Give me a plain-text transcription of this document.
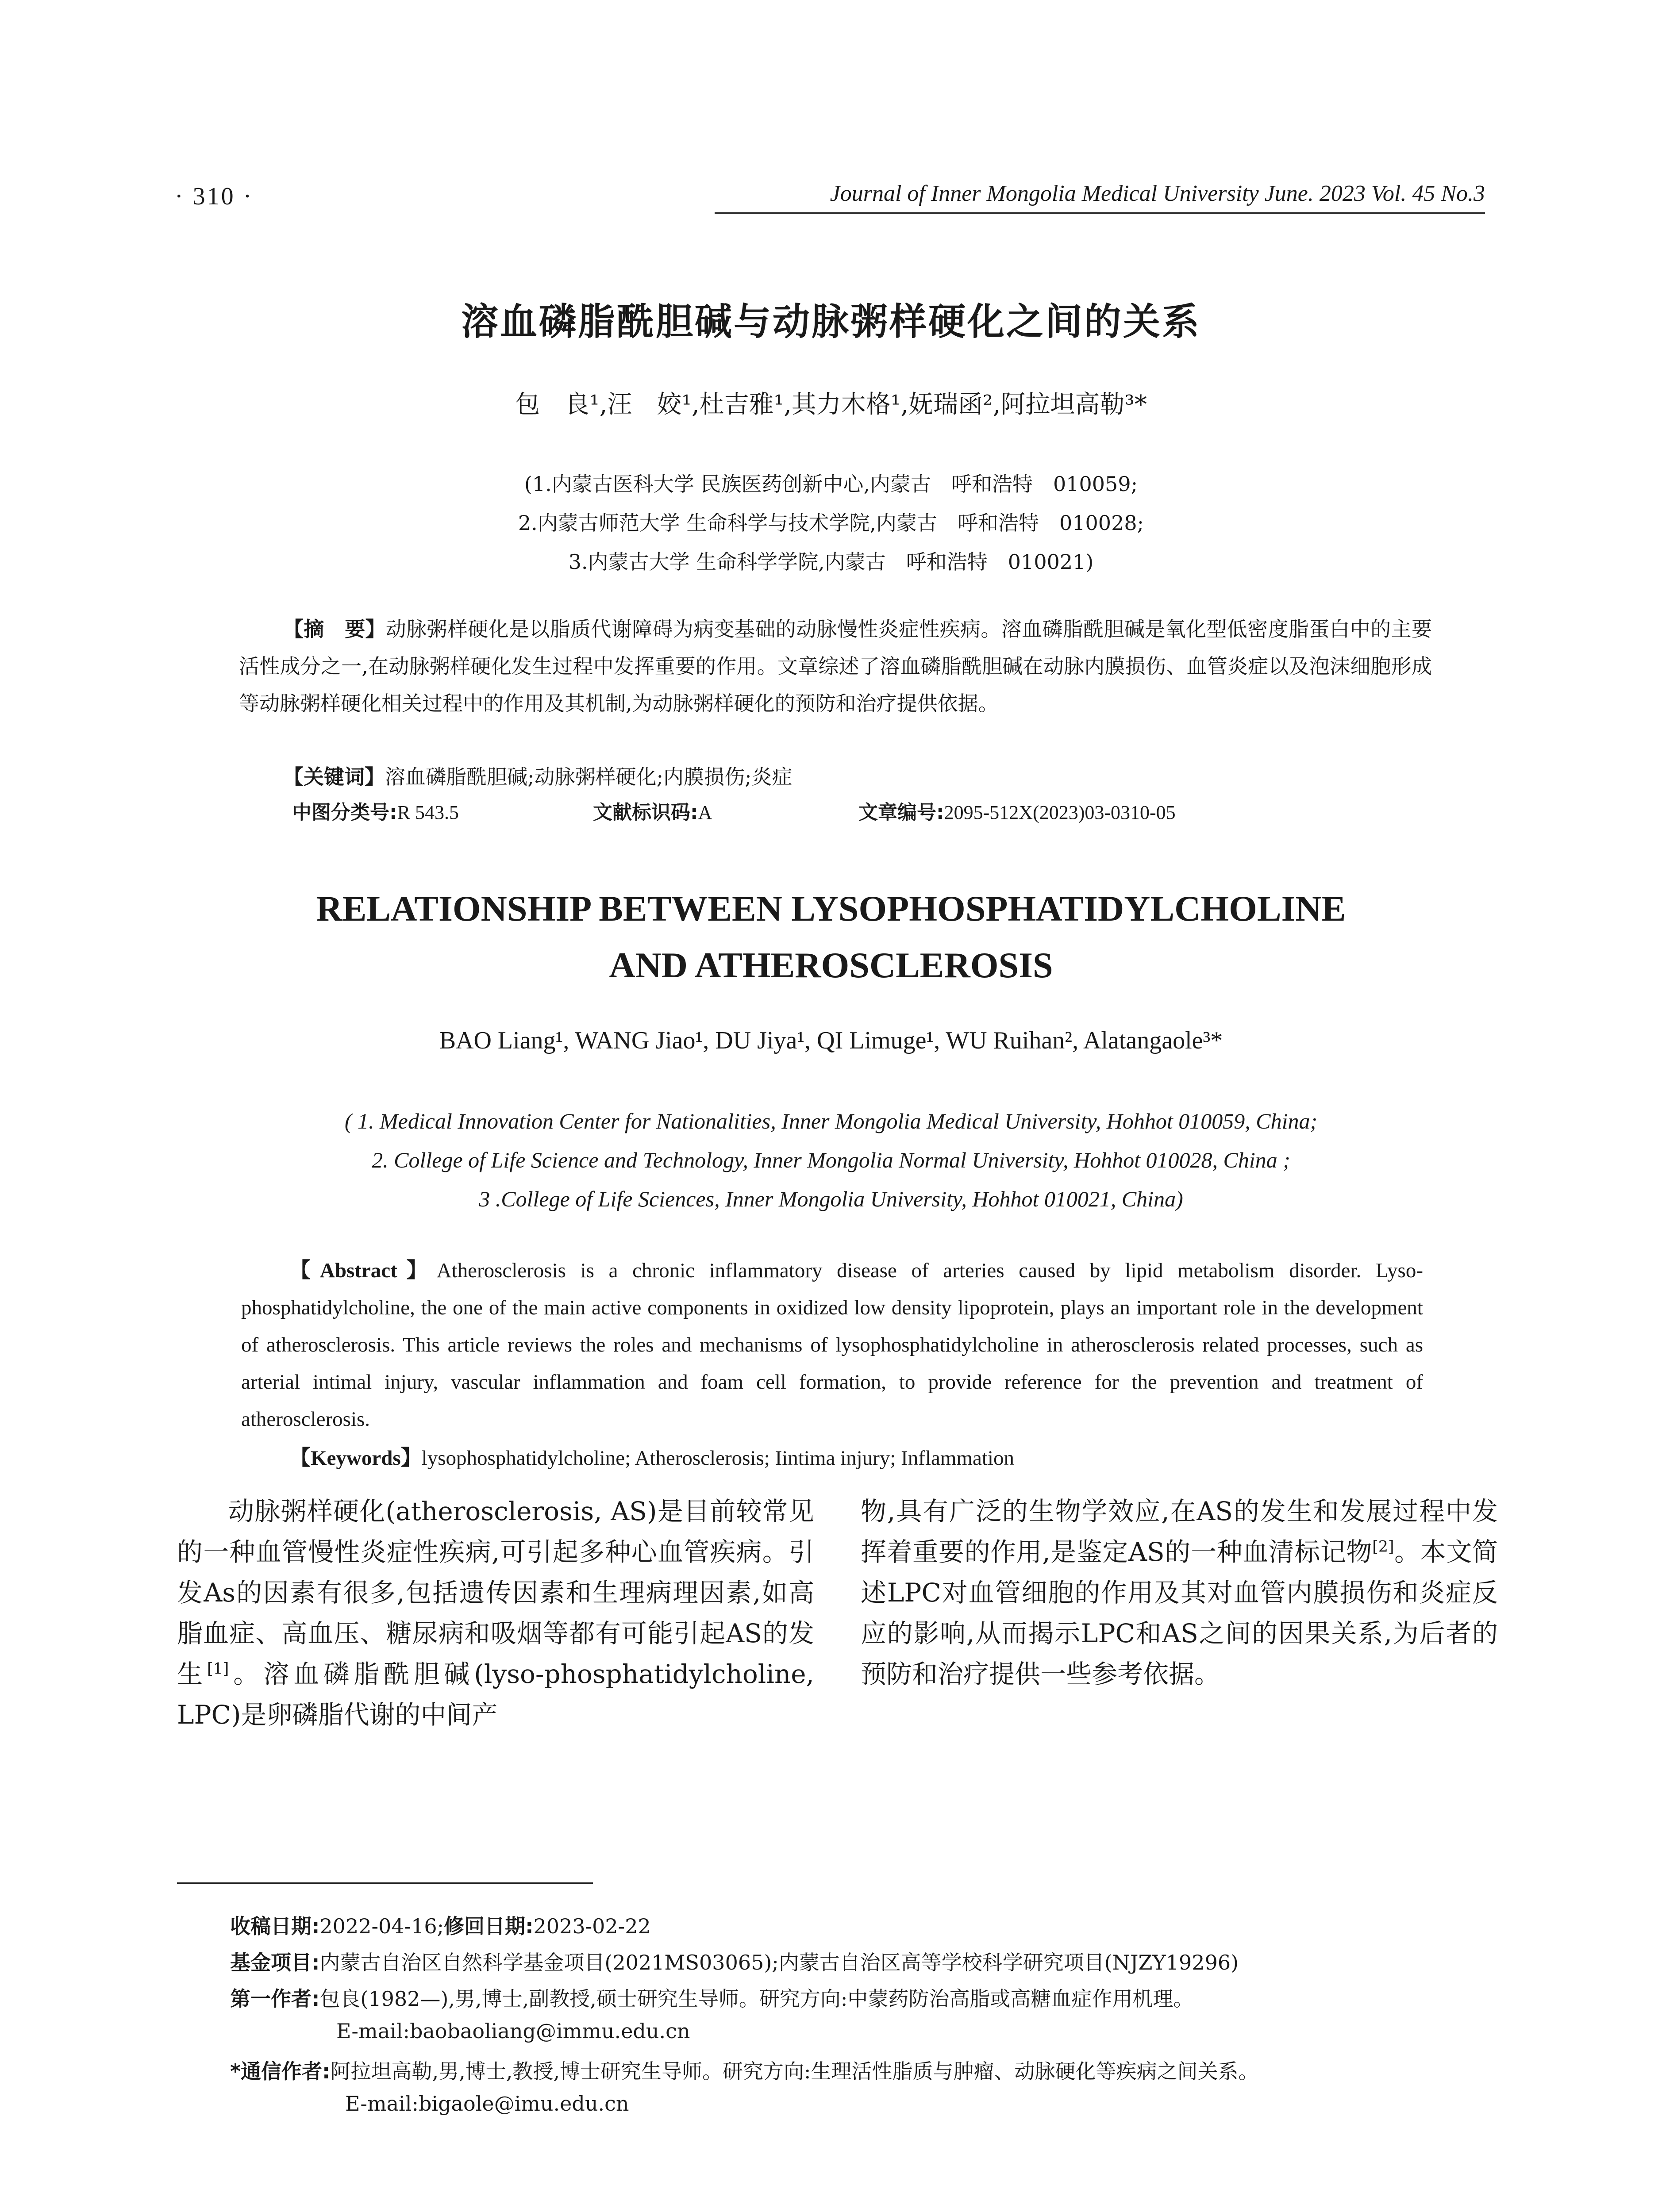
· 310 ·	Journal of Inner Mongolia Medical University June. 2023 Vol. 45 No.3
溶血磷脂酰胆碱与动脉粥样硬化之间的关系
包　良¹,汪　姣¹,杜吉雅¹,其力木格¹,妩瑞函²,阿拉坦高勒³*
(1.内蒙古医科大学 民族医药创新中心,内蒙古　呼和浩特　010059;
2.内蒙古师范大学 生命科学与技术学院,内蒙古　呼和浩特　010028;
3.内蒙古大学 生命科学学院,内蒙古　呼和浩特　010021)
【摘　要】动脉粥样硬化是以脂质代谢障碍为病变基础的动脉慢性炎症性疾病。溶血磷脂酰胆碱是氧化型低密度脂蛋白中的主要活性成分之一,在动脉粥样硬化发生过程中发挥重要的作用。文章综述了溶血磷脂酰胆碱在动脉内膜损伤、血管炎症以及泡沫细胞形成等动脉粥样硬化相关过程中的作用及其机制,为动脉粥样硬化的预防和治疗提供依据。
【关键词】溶血磷脂酰胆碱;动脉粥样硬化;内膜损伤;炎症
中图分类号:R 543.5	文献标识码:A	文章编号:2095-512X(2023)03-0310-05
RELATIONSHIP BETWEEN LYSOPHOSPHATIDYLCHOLINE
AND ATHEROSCLEROSIS
BAO Liang¹, WANG Jiao¹, DU Jiya¹, QI Limuge¹, WU Ruihan², Alatangaole³*
( 1. Medical Innovation Center for Nationalities, Inner Mongolia Medical University, Hohhot 010059, China;
2. College of Life Science and Technology, Inner Mongolia Normal University, Hohhot 010028, China ;
3 .College of Life Sciences, Inner Mongolia University, Hohhot 010021, China)
【Abstract】Atherosclerosis is a chronic inflammatory disease of arteries caused by lipid metabolism disorder. Lyso-phosphatidylcholine, the one of the main active components in oxidized low density lipoprotein, plays an important role in the development of atherosclerosis. This article reviews the roles and mechanisms of lysophosphatidylcholine in atherosclerosis related processes, such as arterial intimal injury, vascular inflammation and foam cell formation, to provide reference for the prevention and treatment of atherosclerosis.
【Keywords】lysophosphatidylcholine; Atherosclerosis; Iintima injury; Inflammation
动脉粥样硬化(atherosclerosis, AS)是目前较常见的一种血管慢性炎症性疾病,可引起多种心血管疾病。引发As的因素有很多,包括遗传因素和生理病理因素,如高脂血症、高血压、糖尿病和吸烟等都有可能引起AS的发生[1]。溶血磷脂酰胆碱(lyso-phosphatidylcholine, LPC)是卵磷脂代谢的中间产
物,具有广泛的生物学效应,在AS的发生和发展过程中发挥着重要的作用,是鉴定AS的一种血清标记物[2]。本文简述LPC对血管细胞的作用及其对血管内膜损伤和炎症反应的影响,从而揭示LPC和AS之间的因果关系,为后者的预防和治疗提供一些参考依据。
收稿日期:2022-04-16;修回日期:2023-02-22
基金项目:内蒙古自治区自然科学基金项目(2021MS03065);内蒙古自治区高等学校科学研究项目(NJZY19296)
第一作者:包良(1982—),男,博士,副教授,硕士研究生导师。研究方向:中蒙药防治高脂或高糖血症作用机理。
E-mail:baobaoliang@immu.edu.cn
*通信作者:阿拉坦高勒,男,博士,教授,博士研究生导师。研究方向:生理活性脂质与肿瘤、动脉硬化等疾病之间关系。
E-mail:bigaole@imu.edu.cn
